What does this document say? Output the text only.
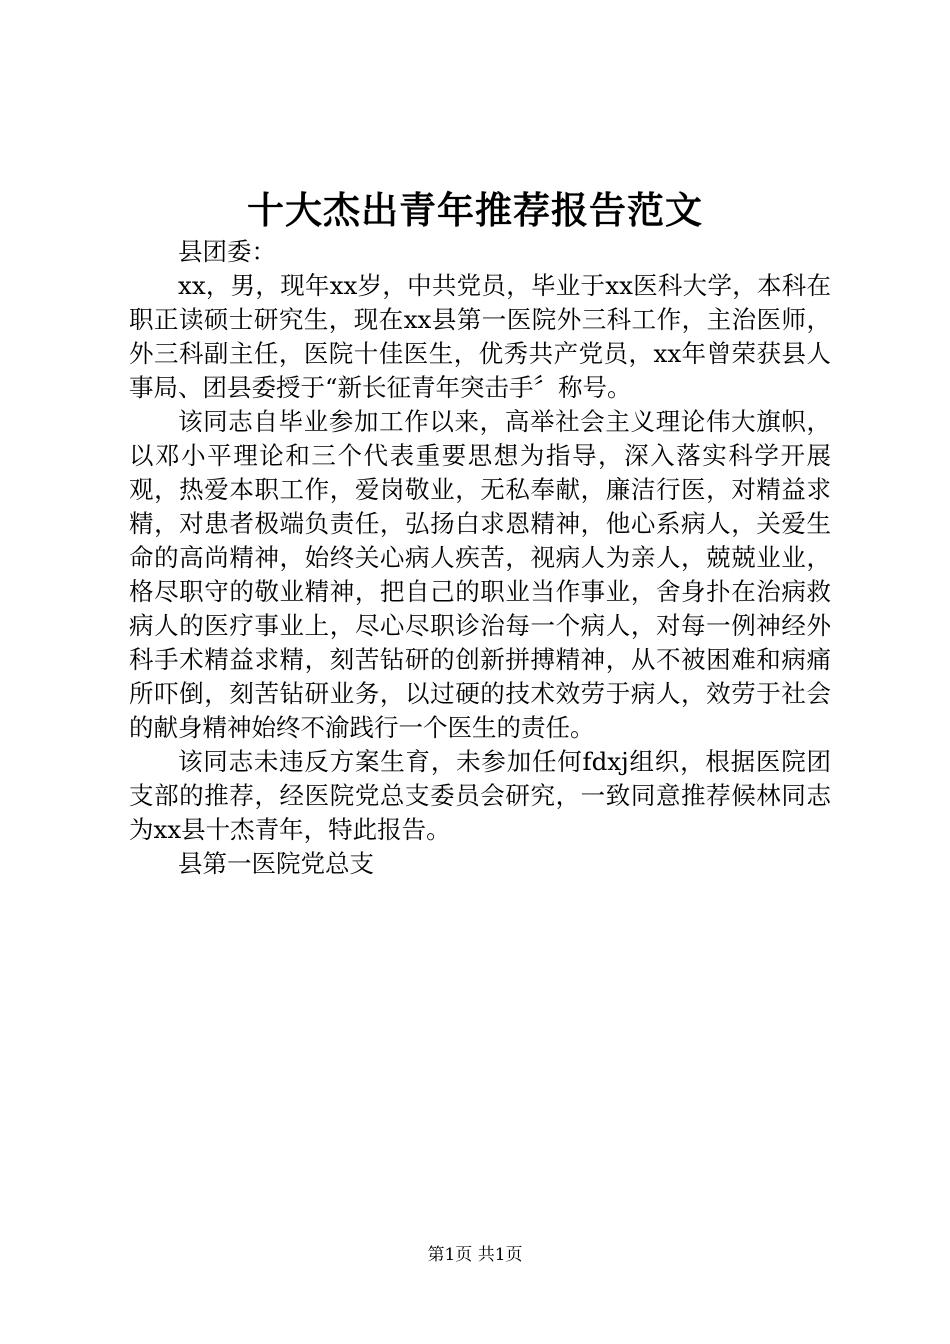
十大杰出青年推荐报告范文

县团委：

xx，男，现年xx岁，中共党员，毕业于xx医科大学，本科在职正读硕士研究生，现在xx县第一医院外三科工作，主治医师，外三科副主任，医院十佳医生，优秀共产党员，xx年曾荣获县人事局、团县委授于“新长征青年突击手〞称号。

该同志自毕业参加工作以来，高举社会主义理论伟大旗帜，以邓小平理论和三个代表重要思想为指导，深入落实科学开展观，热爱本职工作，爱岗敬业，无私奉献，廉洁行医，对精益求精，对患者极端负责任，弘扬白求恩精神，他心系病人，关爱生命的高尚精神，始终关心病人疾苦，视病人为亲人，兢兢业业，格尽职守的敬业精神，把自己的职业当作事业，舍身扑在治病救病人的医疗事业上，尽心尽职诊治每一个病人，对每一例神经外科手术精益求精，刻苦钻研的创新拼搏精神，从不被困难和病痛所吓倒，刻苦钻研业务，以过硬的技术效劳于病人，效劳于社会的献身精神始终不渝践行一个医生的责任。

该同志未违反方案生育，未参加任何fdxj组织，根据医院团支部的推荐，经医院党总支委员会研究，一致同意推荐候林同志为xx县十杰青年，特此报告。

县第一医院党总支

第1页 共1页
